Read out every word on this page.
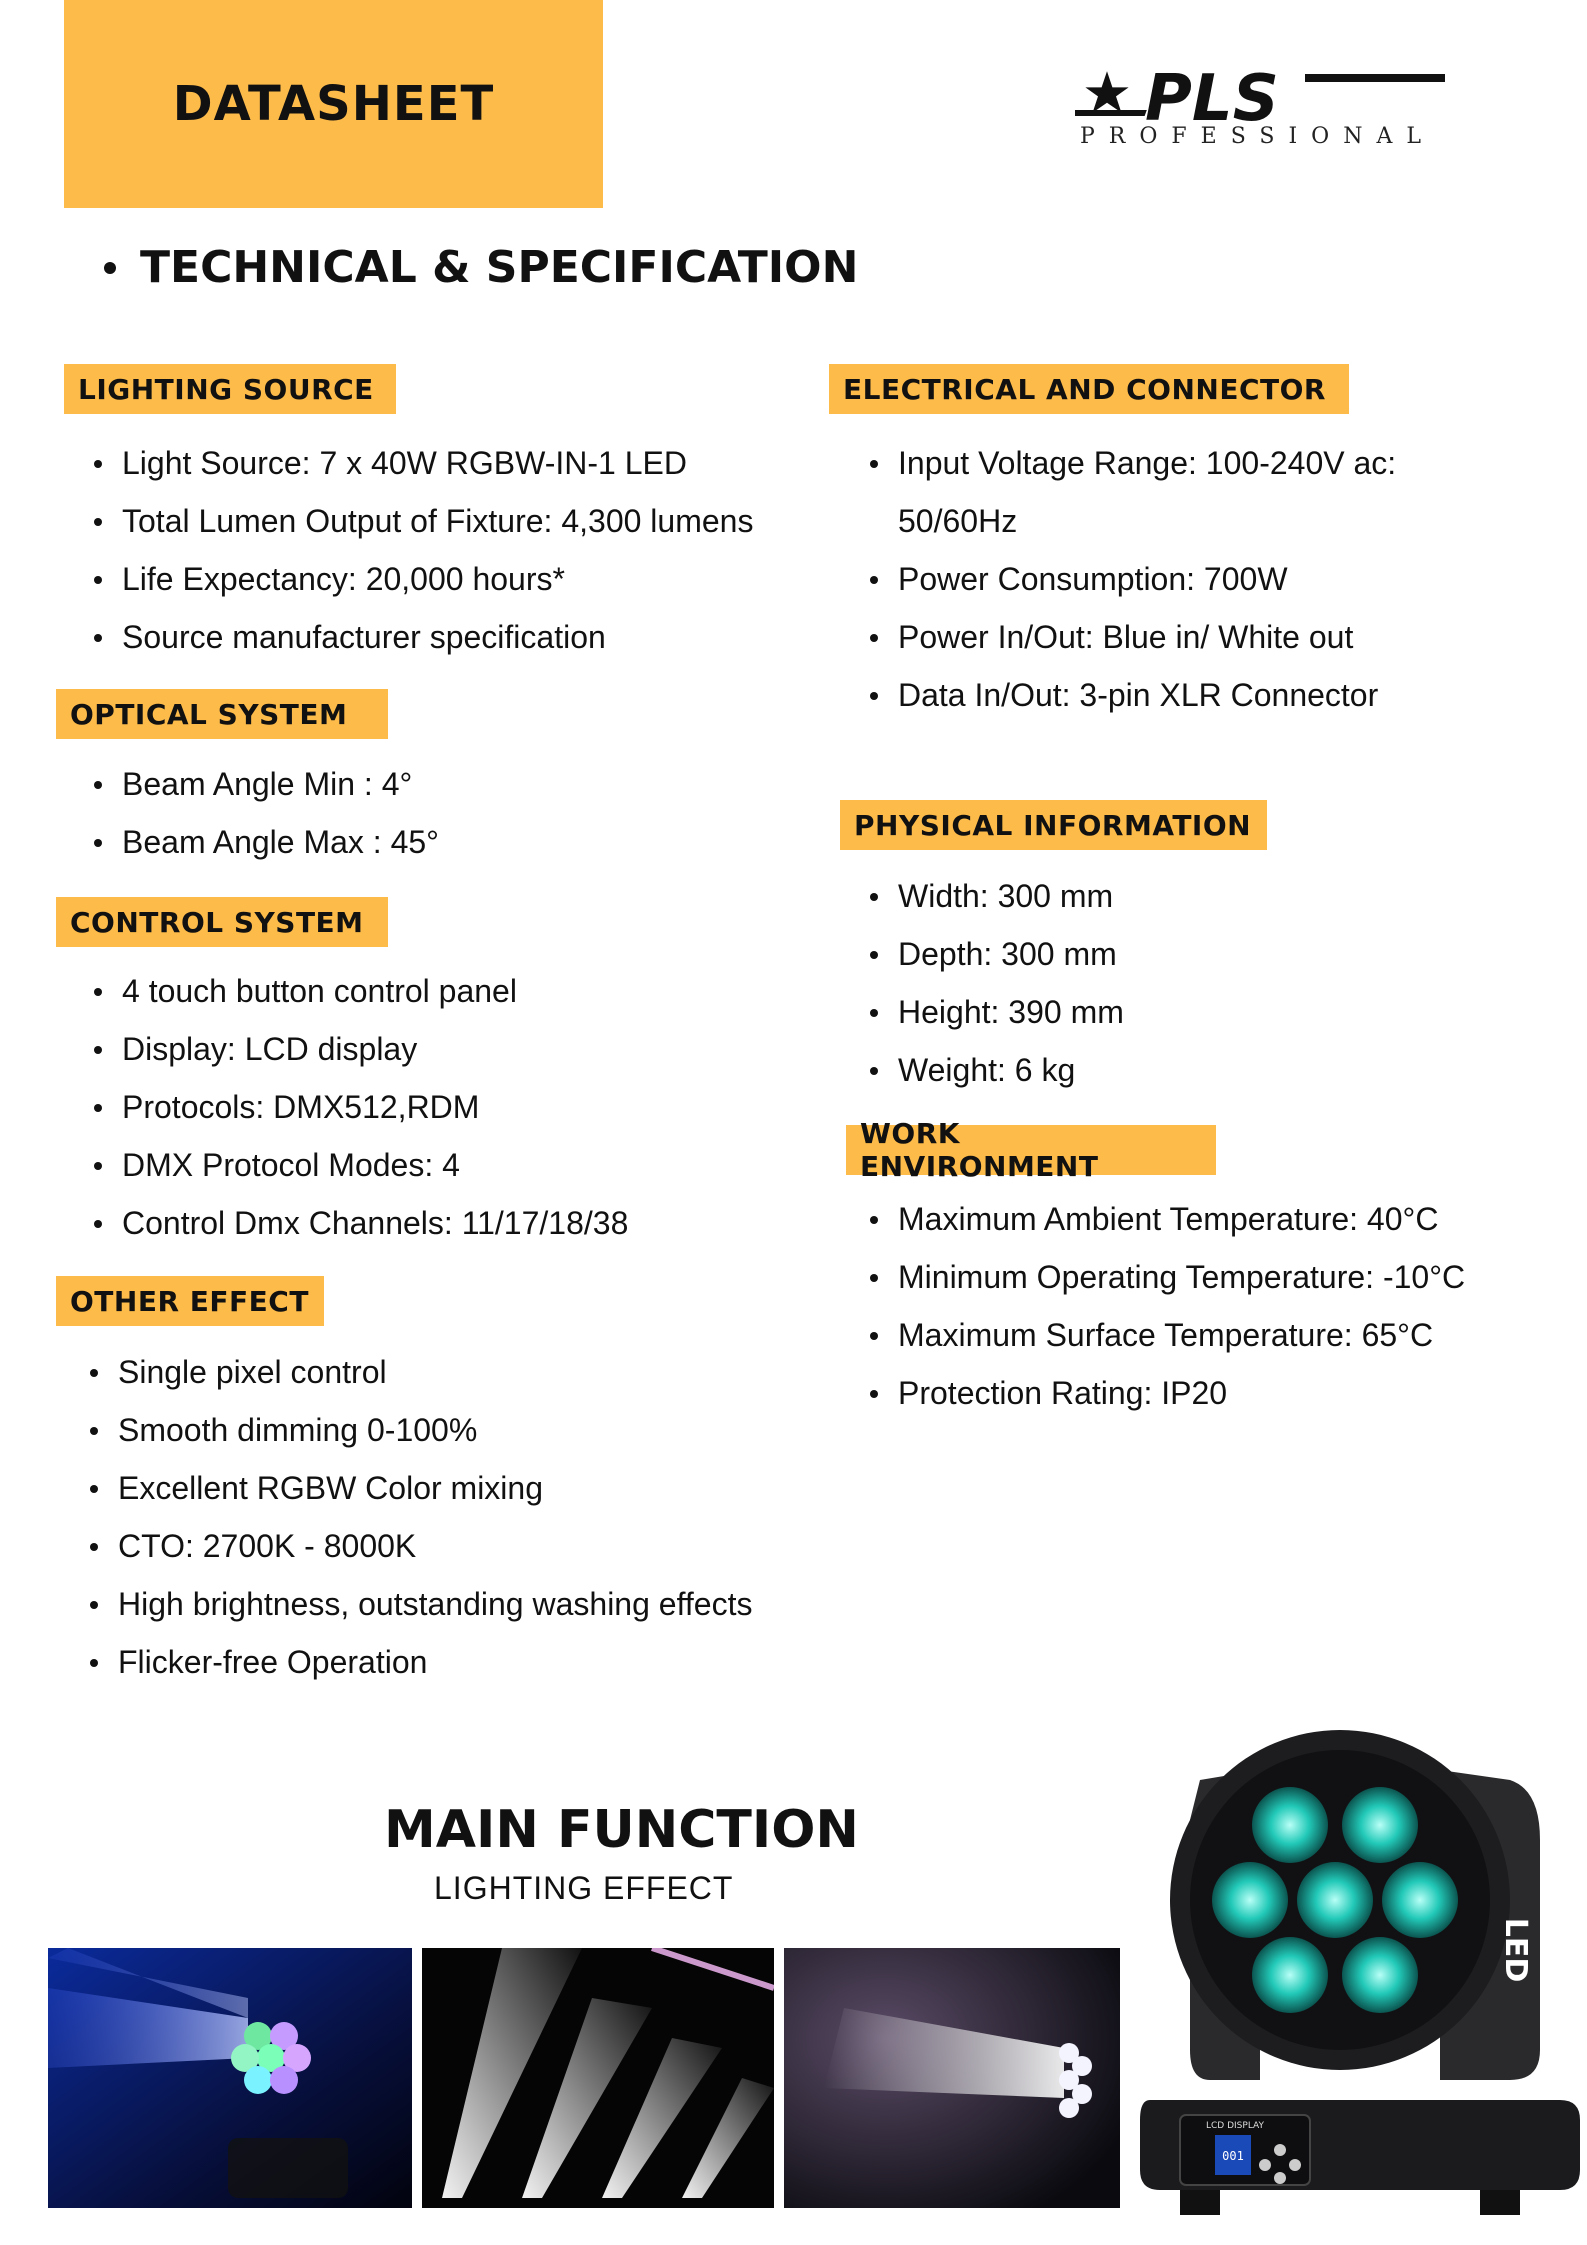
DATASHEET	PLS
PROFESSIONAL
TECHNICAL & SPECIFICATION
LIGHTING SOURCE
Light Source: 7 x 40W RGBW-IN-1 LED
Total Lumen Output of Fixture: 4,300 lumens
Life Expectancy: 20,000 hours*
Source manufacturer specification
OPTICAL SYSTEM
Beam Angle Min : 4°
Beam Angle Max : 45°
CONTROL SYSTEM
4 touch button control panel
Display: LCD display
Protocols: DMX512,RDM
DMX Protocol Modes: 4
Control Dmx Channels: 11/17/18/38
OTHER EFFECT
Single pixel control
Smooth dimming 0-100%
Excellent RGBW Color mixing
CTO: 2700K - 8000K
High brightness, outstanding washing effects
Flicker-free Operation
ELECTRICAL AND CONNECTOR
Input Voltage Range: 100-240V ac:
50/60Hz
Power Consumption: 700W
Power In/Out: Blue in/ White out
Data In/Out: 3-pin XLR Connector
PHYSICAL INFORMATION
Width: 300 mm
Depth: 300 mm
Height: 390 mm
Weight: 6 kg
WORK ENVIRONMENT
Maximum Ambient Temperature: 40°C
Minimum Operating Temperature: -10°C
Maximum Surface Temperature: 65°C
Protection Rating: IP20
MAIN FUNCTION
LIGHTING EFFECT
LED
LCD DISPLAY
001
